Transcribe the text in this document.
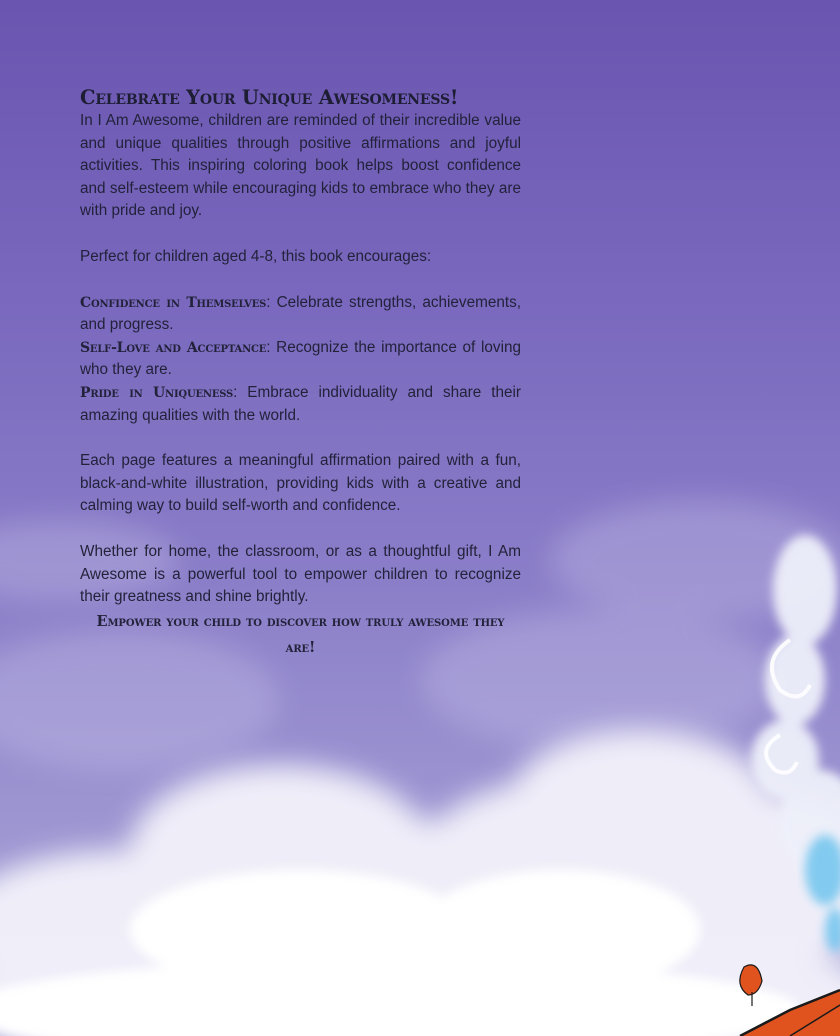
Celebrate Your Unique Awesomeness!

In I Am Awesome, children are reminded of their incredible value and unique qualities through positive affirmations and joyful activities. This inspiring coloring book helps boost confidence and self-esteem while encouraging kids to embrace who they are with pride and joy.

Perfect for children aged 4-8, this book encourages:

Confidence in Themselves: Celebrate strengths, achievements, and progress.

Self-Love and Acceptance: Recognize the importance of loving who they are.

Pride in Uniqueness: Embrace individuality and share their amazing qualities with the world.

Each page features a meaningful affirmation paired with a fun, black-and-white illustration, providing kids with a creative and calming way to build self-worth and confidence.

Whether for home, the classroom, or as a thoughtful gift, I Am Awesome is a powerful tool to empower children to recognize their greatness and shine brightly.

Empower your child to discover how truly awesome they are!
